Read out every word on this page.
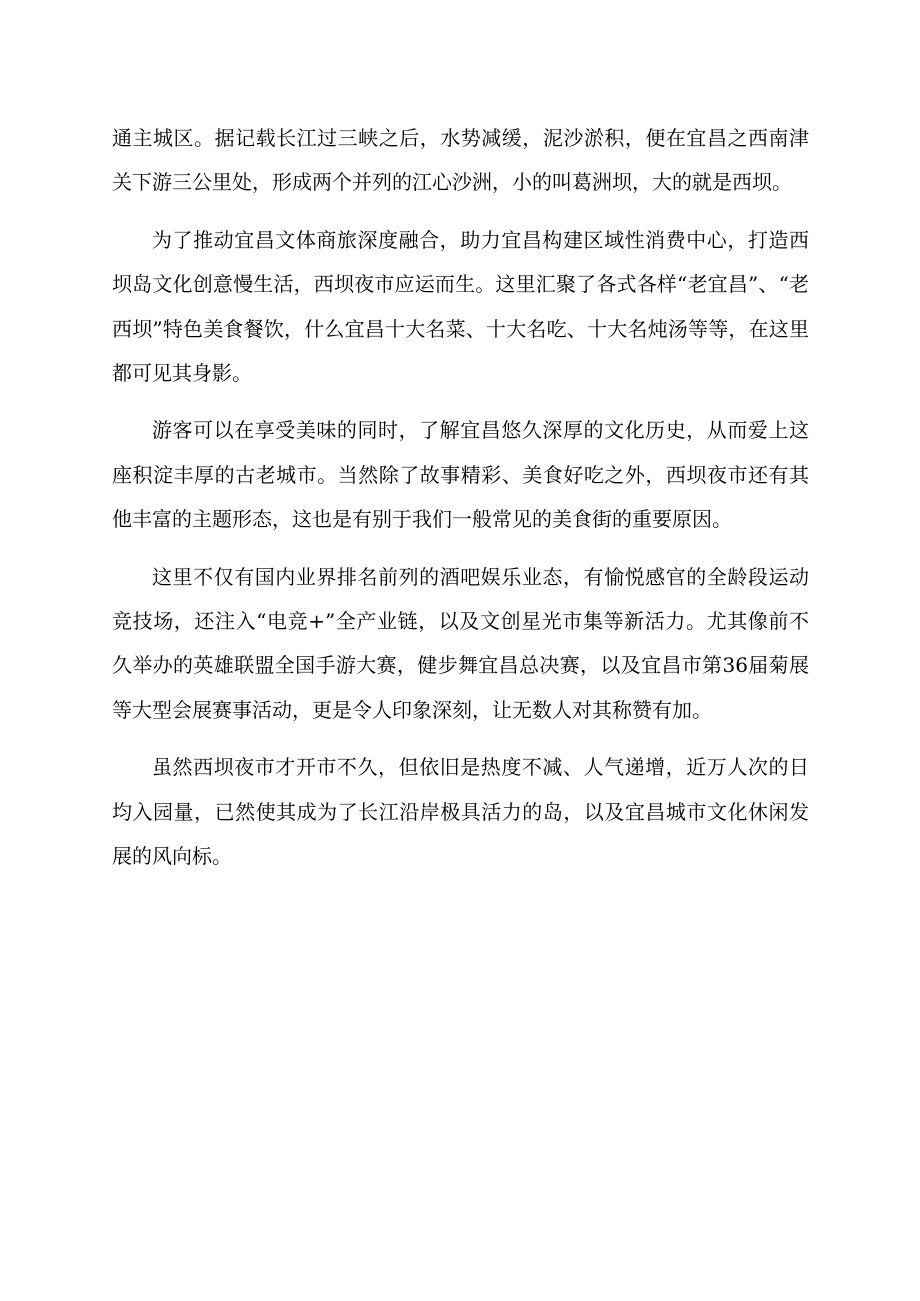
通主城区。据记载长江过三峡之后，水势减缓，泥沙淤积，便在宜昌之西南津关下游三公里处，形成两个并列的江心沙洲，小的叫葛洲坝，大的就是西坝。

为了推动宜昌文体商旅深度融合，助力宜昌构建区域性消费中心，打造西坝岛文化创意慢生活，西坝夜市应运而生。这里汇聚了各式各样“老宜昌”、“老西坝”特色美食餐饮，什么宜昌十大名菜、十大名吃、十大名炖汤等等，在这里都可见其身影。

游客可以在享受美味的同时，了解宜昌悠久深厚的文化历史，从而爱上这座积淀丰厚的古老城市。当然除了故事精彩、美食好吃之外，西坝夜市还有其他丰富的主题形态，这也是有别于我们一般常见的美食街的重要原因。

这里不仅有国内业界排名前列的酒吧娱乐业态，有愉悦感官的全龄段运动竞技场，还注入“电竞+”全产业链，以及文创星光市集等新活力。尤其像前不久举办的英雄联盟全国手游大赛，健步舞宜昌总决赛，以及宜昌市第36届菊展等大型会展赛事活动，更是令人印象深刻，让无数人对其称赞有加。

虽然西坝夜市才开市不久，但依旧是热度不减、人气递增，近万人次的日均入园量，已然使其成为了长江沿岸极具活力的岛，以及宜昌城市文化休闲发展的风向标。
